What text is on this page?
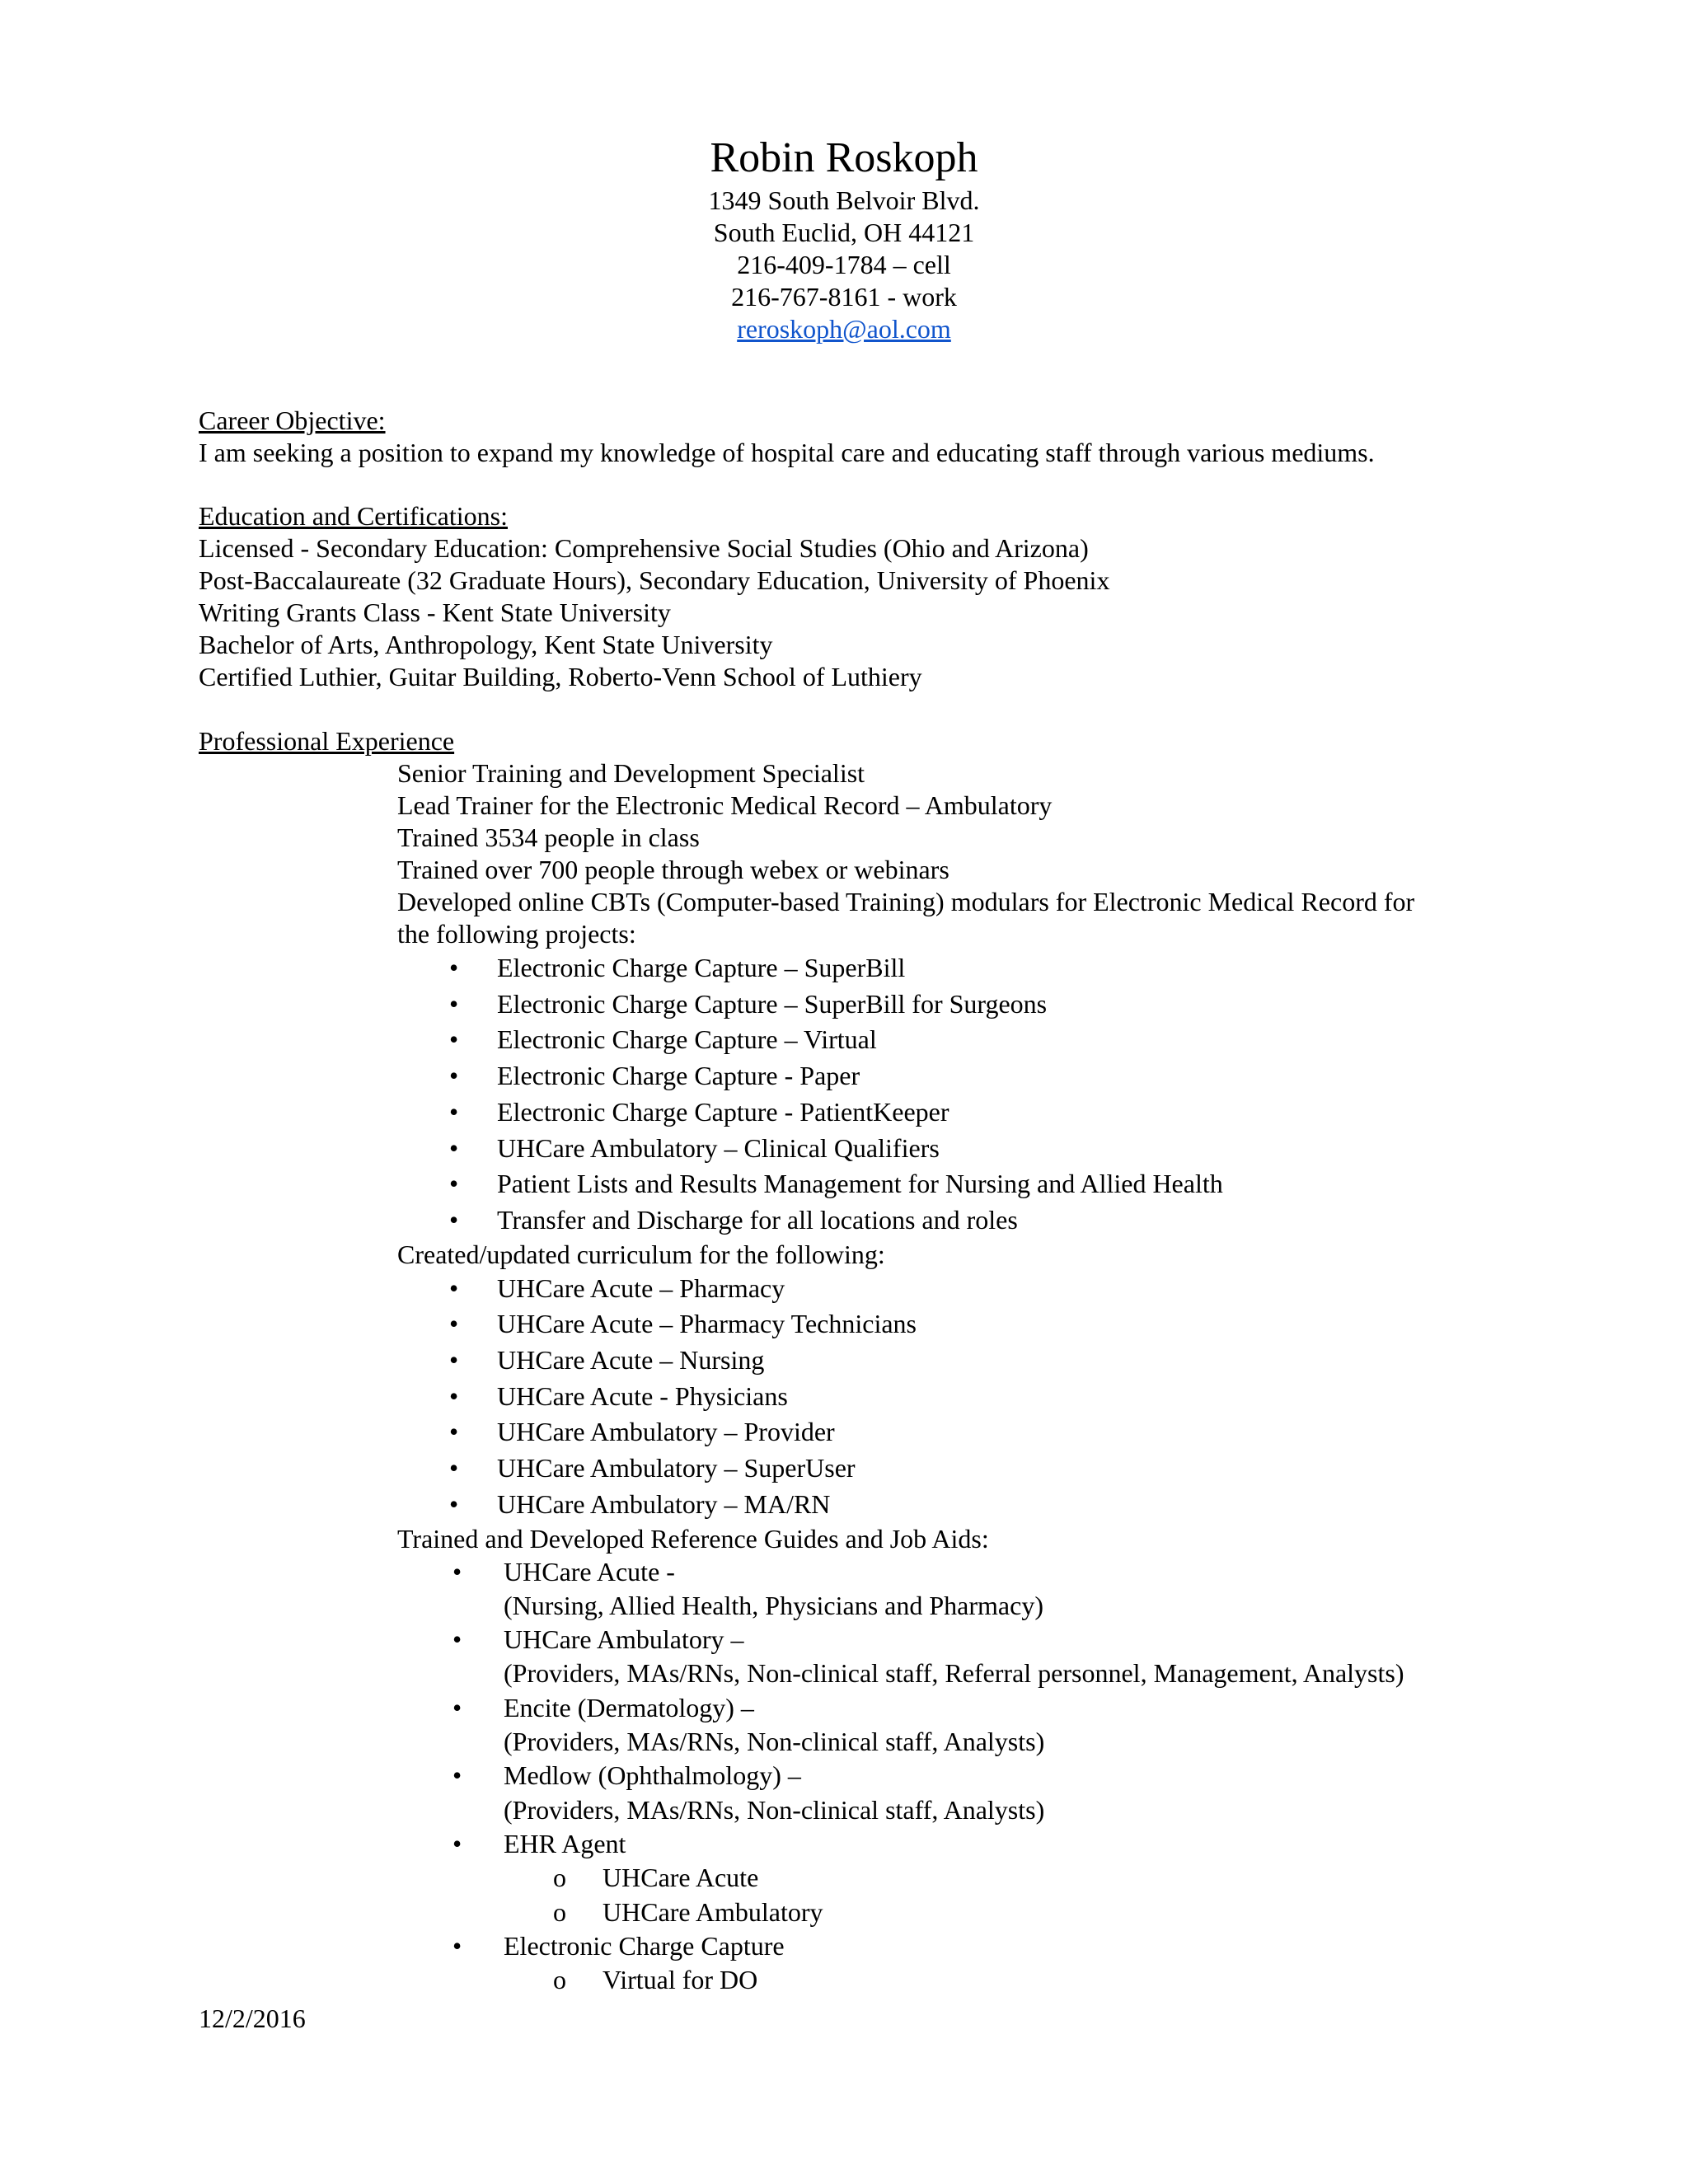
Robin Roskoph
1349 South Belvoir Blvd.
South Euclid, OH 44121
216-409-1784 – cell
216-767-8161 - work
reroskoph@aol.com
Career Objective:
I am seeking a position to expand my knowledge of hospital care and educating staff through various mediums.
Education and Certifications:
Licensed - Secondary Education: Comprehensive Social Studies (Ohio and Arizona)
Post-Baccalaureate (32 Graduate Hours), Secondary Education, University of Phoenix
Writing Grants Class - Kent State University
Bachelor of Arts, Anthropology, Kent State University
Certified Luthier, Guitar Building, Roberto-Venn School of Luthiery
Professional Experience
Senior Training and Development Specialist
Lead Trainer for the Electronic Medical Record – Ambulatory
Trained 3534 people in class
Trained over 700 people through webex or webinars
Developed online CBTs (Computer-based Training) modulars for Electronic Medical Record for
the following projects:
• Electronic Charge Capture – SuperBill
• Electronic Charge Capture – SuperBill for Surgeons
• Electronic Charge Capture – Virtual
• Electronic Charge Capture - Paper
• Electronic Charge Capture - PatientKeeper
• UHCare Ambulatory – Clinical Qualifiers
• Patient Lists and Results Management for Nursing and Allied Health
• Transfer and Discharge for all locations and roles
Created/updated curriculum for the following:
• UHCare Acute – Pharmacy
• UHCare Acute – Pharmacy Technicians
• UHCare Acute – Nursing
• UHCare Acute - Physicians
• UHCare Ambulatory – Provider
• UHCare Ambulatory – SuperUser
• UHCare Ambulatory – MA/RN
Trained and Developed Reference Guides and Job Aids:
• UHCare Acute -
(Nursing, Allied Health, Physicians and Pharmacy)
• UHCare Ambulatory –
(Providers, MAs/RNs, Non-clinical staff, Referral personnel, Management, Analysts)
• Encite (Dermatology) –
(Providers, MAs/RNs, Non-clinical staff, Analysts)
• Medlow (Ophthalmology) –
(Providers, MAs/RNs, Non-clinical staff, Analysts)
• EHR Agent
o UHCare Acute
o UHCare Ambulatory
• Electronic Charge Capture
o Virtual for DO
12/2/2016
